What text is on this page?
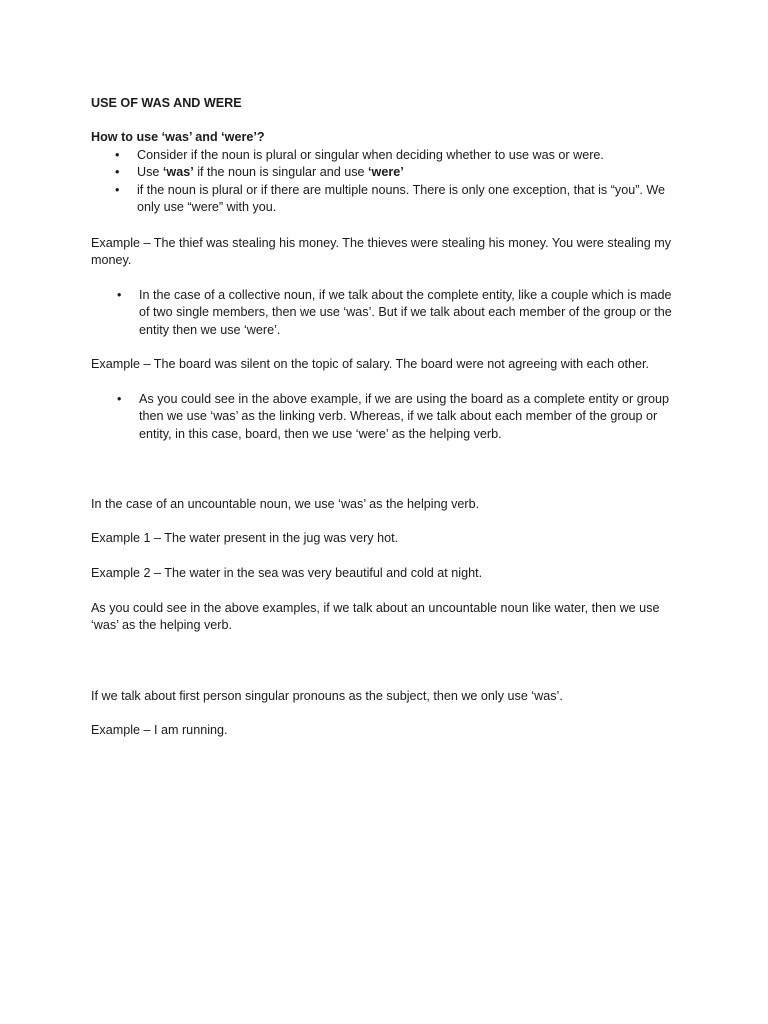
USE OF WAS AND WERE

How to use ‘was’ and ‘were’?

• Consider if the noun is plural or singular when deciding whether to use was or were.
• Use ‘was’ if the noun is singular and use ‘were’
• if the noun is plural or if there are multiple nouns. There is only one exception, that is “you”. We only use “were” with you.

Example – The thief was stealing his money. The thieves were stealing his money. You were stealing my money.

• In the case of a collective noun, if we talk about the complete entity, like a couple which is made of two single members, then we use ‘was’. But if we talk about each member of the group or the entity then we use ‘were’.

Example – The board was silent on the topic of salary. The board were not agreeing with each other.

• As you could see in the above example, if we are using the board as a complete entity or group then we use ‘was’ as the linking verb. Whereas, if we talk about each member of the group or entity, in this case, board, then we use ‘were’ as the helping verb.

In the case of an uncountable noun, we use ‘was’ as the helping verb.

Example 1 – The water present in the jug was very hot.

Example 2 – The water in the sea was very beautiful and cold at night.

As you could see in the above examples, if we talk about an uncountable noun like water, then we use ‘was’ as the helping verb.

If we talk about first person singular pronouns as the subject, then we only use ‘was’.

Example – I am running.
